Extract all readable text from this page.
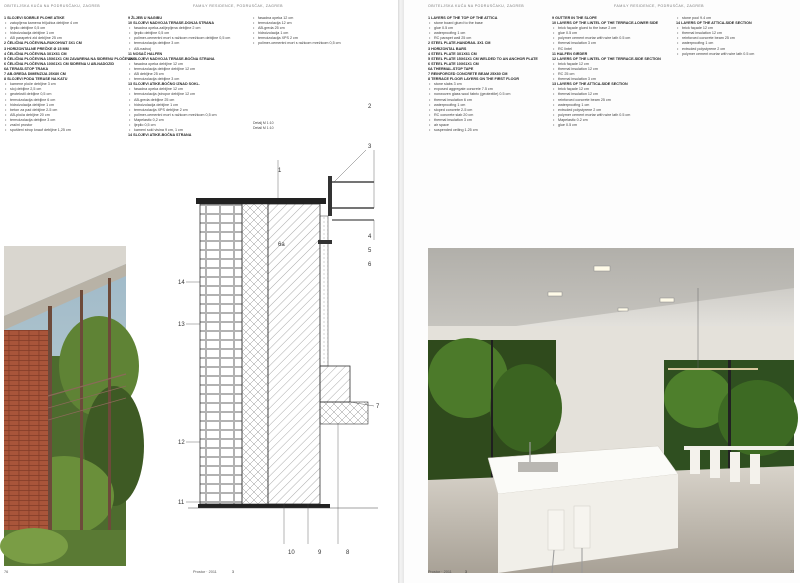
OBITELJSKA KUĆA NA PODRUSČAKU, ZAGREB	FAMILY RESIDENCE, PODRUSČAK, ZAGREB
1 SLOJEVI SOBRLE PLOHE ATIKE
• zatopljena kamena triijužica debljine 4 cm
• ljepilo debljine 0,5 cm
• hidroizolacija debljine 1 cm
• AB parapetni zid debljine 25 cm
2 ČELIČNA PLOČEVINA-RUKOHVAT 3X1 CM
3 HORIZONTALNE PREČKE Ø 15 MM
4 ČELIČNA PLOČEVINA 3X1X61 CM
5 ČELIČNA PLOČEVINA 15X61X1 CM ZAVARENA NA SIDRENU PLOČEVINU
6 ČELIČNA PLOČEVINA 10X61X1 CM SIDRENA U AB-NADOZID
6A TERASI-STOP TRAKA
7 AB-GREDA DIMENZIJA 25X80 CM
8 SLOJEVI PODA TERASE NA KATU
• kamene ploče debljine 3 cm
• sloj debljine 2,5 cm
• geotekstil debljine 0,5 cm
• termoizolacija debljine 6 cm
• hidroizolacija debljine 1 cm
• beton za pad debljine 2-5 cm
• AB-ploča debljine 20 cm
• termoizolacija debljine 3 cm
• zračni prostor
• spušteni strop knauf debljine 1,25 cm
9 ŽLJEB U NAGIBU
10 SLOJEVI NADVOJA TERASE-DONJA STRANA
• fasadna opeka-zalijepljena debljine 2 cm
• ljepilo debljine 0,5 cm
• polimer-cementni mort s ražicom mrežicom debljine 0,5 cm
• termoizolacija debljine 3 cm
• AB-nadvoj
11 NOSAČ HALFEN
12 SLOJEVI NADVOJA TERASE-BOČNA STRANA
• fasadna opeka debljine 12 cm
• termoizolacija debljine debljine 12 cm
• AB debljine 25 cm
• termoizolacija debljine 3 cm
13 SLOJEVI ATIKE-BOČNO IZNAD SOKL.
• fasadna opeka debljine 12 cm
• termoizolacija (stropor debljine 12 cm
• AB-greda debljine 25 cm
• hidroizolacija debljine 1 cm
• termoizolacija XPS debljine 2 cm
• polimer-cementni mort s ražicom mrežicom 0,5 cm
• Mapelastic 0,2 cm
• ljepilo 0,5 cm
• kameni sokl visina 9 cm, 1 cm
14 SLOJEVI ATIKE-BOČNA STRANA
• fasadna opeka 12 cm
• termoizolacija 12 cm
• AB-greda 25 cm
• hidroizolacija 1 cm
• termoizolacija XPS 2 cm
• polimer-cementni mort s ražicom mrežicom 0,5 cm
Detalj M 1:10
Detail M 1:10
1
2
3
4
5
6
6a
7
8
9
10
11
12
13
14
76	Prostor · 2011	3
OBITELJSKA KUĆA NA PODRUSČAKU, ZAGREB	FAMILY RESIDENCE, PODRUSČAK, ZAGREB
1 LAYERS OF THE TOP OF THE ATTICA
• stone board glued to the base
• glue 0.5 cm
• waterproofing 1 cm
• RC parapet wall 25 cm
2 STEEL PLATE-HANDRAIL 3X1 CM
3 HORIZONTAL BARS
4 STEEL PLATE 3X1X61 CM
5 STEEL PLATE 15X61X1 CM WELDED TO AN ANCHOR PLATE
6 STEEL PLATE 10X61X1 CM
6A THERMAL-STOP TAPE
7 REINFORCED CONCRETE BEAM 25X80 CM
8 TERRACE FLOOR LAYERS ON THE FIRST FLOOR
• stone slabs 3 cm
• exposed aggregate concrete 7.5 cm
• nonwoven glass wool fabric (geotextile) 0.5 cm
• thermal insulation 6 cm
• waterproofing 1 cm
• sloped concrete 2-5 cm
• RC concrete slab 20 cm
• thermal insulation 3 cm
• air space
• suspended ceiling 1.25 cm
9 GUTTER IN THE SLOPE
10 LAYERS OF THE LINTEL OF THE TERRACE-LOWER SIDE
• brick façade glued to the base 2 cm
• glue 0.5 cm
• polymer cement mortar with wire lath 0.5 cm
• thermal insulation 3 cm
• RC lintel
11 HALFEN GIRDER
12 LAYERS OF THE LINTEL OF THE TERRACE-SIDE SECTION
• brick façade 12 cm
• thermal insulation 12 cm
• RC 25 cm
• thermal insulation 3 cm
13 LAYERS OF THE ATTICA-SIDE SECTION
• brick façade 12 cm
• thermal insulation 12 cm
• reinforced concrete beam 25 cm
• waterproofing 1 cm
• extruded polystyrene 2 cm
• polymer cement mortar with wire lath 0.5 cm
• Mapelastic 0.2 cm
• glue 0.5 cm
• stone pool 9.4 cm
14 LAYERS OF THE ATTICA-SIDE SECTION
• brick façade 12 cm
• thermal insulation 12 cm
• reinforced concrete beam 25 cm
• waterproofing 1 cm
• extruded polystyrene 2 cm
• polymer cement mortar with wire lath 0.5 cm
Prostor · 2011	3	77
